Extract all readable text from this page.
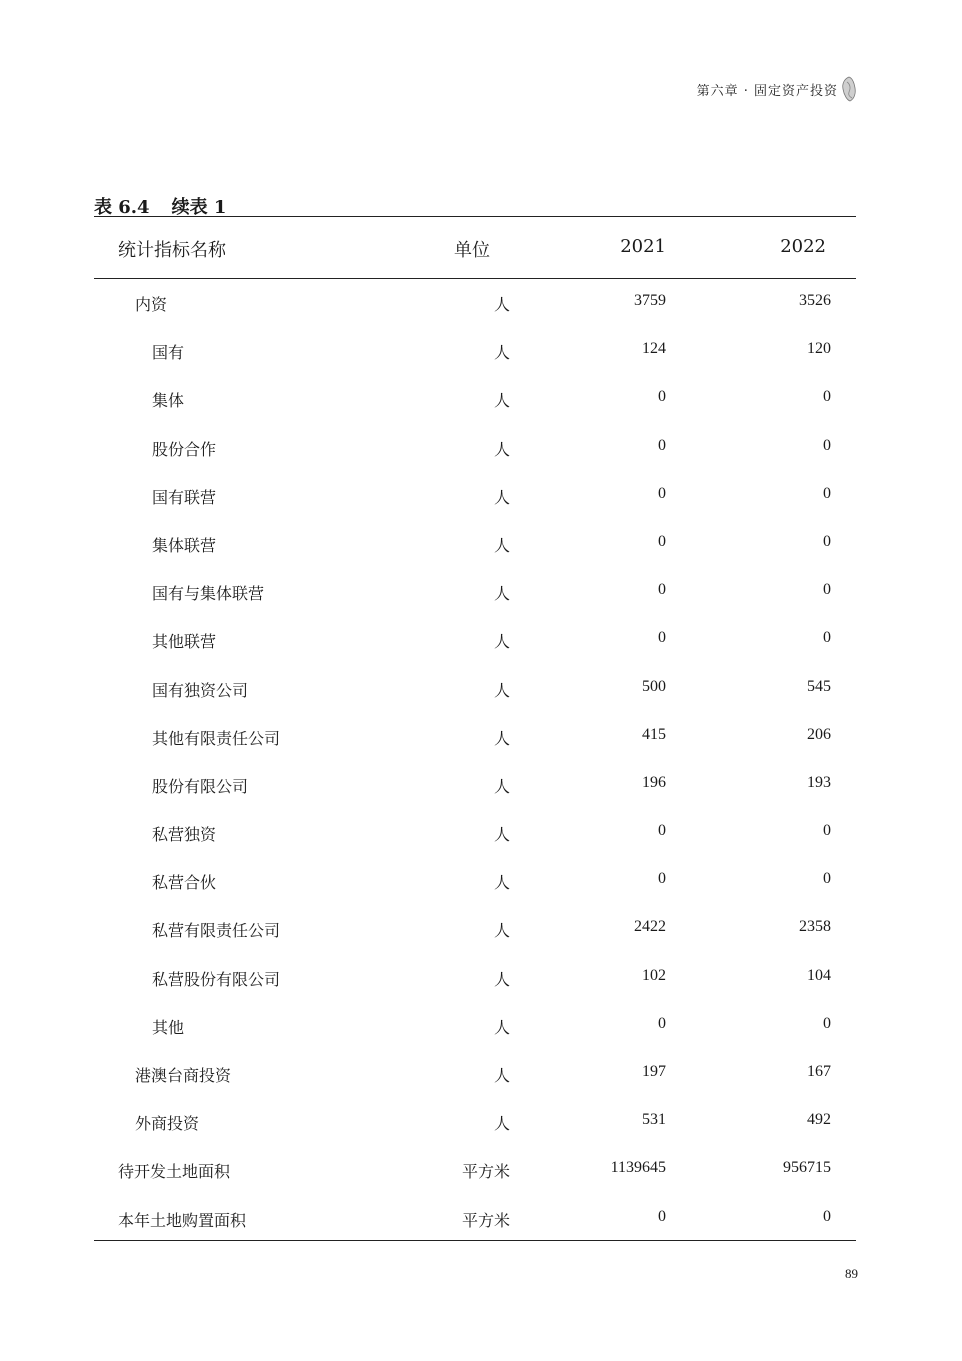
第六章 · 固定资产投资
表 6.4 续表 1
统计指标名称	单位	2021	2022
内资	人	3759	3526
国有	人	124	120
集体	人	0	0
股份合作	人	0	0
国有联营	人	0	0
集体联营	人	0	0
国有与集体联营	人	0	0
其他联营	人	0	0
国有独资公司	人	500	545
其他有限责任公司	人	415	206
股份有限公司	人	196	193
私营独资	人	0	0
私营合伙	人	0	0
私营有限责任公司	人	2422	2358
私营股份有限公司	人	102	104
其他	人	0	0
港澳台商投资	人	197	167
外商投资	人	531	492
待开发土地面积	平方米	1139645	956715
本年土地购置面积	平方米	0	0
89
